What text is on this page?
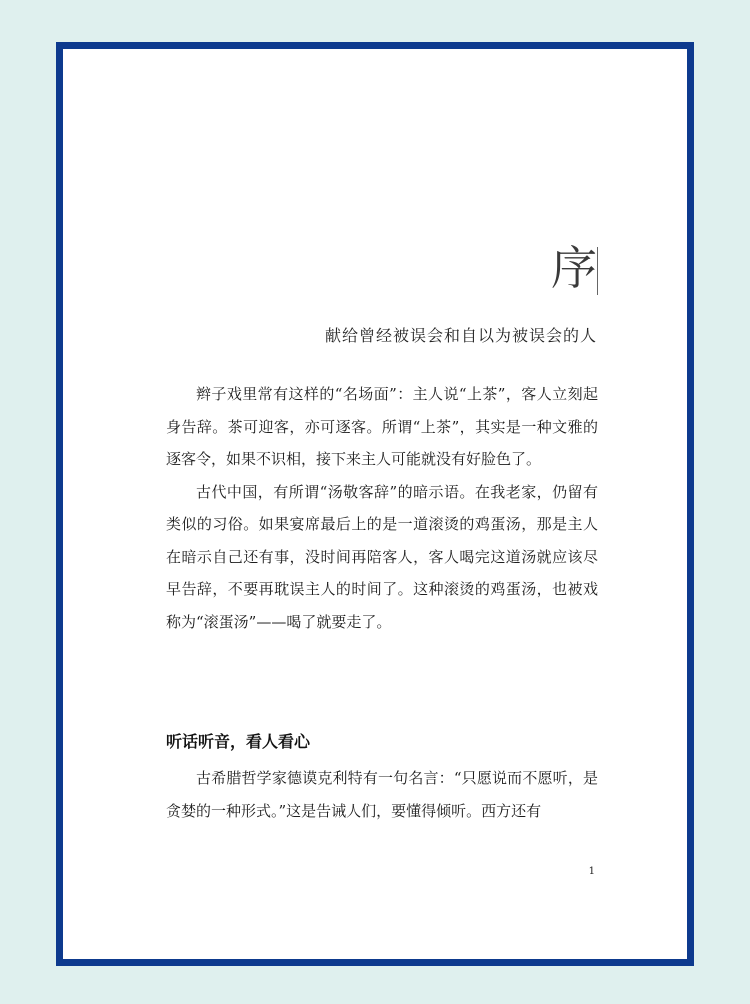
序
献给曾经被误会和自以为被误会的人

辫子戏里常有这样的“名场面”：主人说“上茶”，客人立刻起身告辞。茶可迎客，亦可逐客。所谓“上茶”，其实是一种文雅的逐客令，如果不识相，接下来主人可能就没有好脸色了。

古代中国，有所谓“汤敬客辞”的暗示语。在我老家，仍留有类似的习俗。如果宴席最后上的是一道滚烫的鸡蛋汤，那是主人在暗示自己还有事，没时间再陪客人，客人喝完这道汤就应该尽早告辞，不要再耽误主人的时间了。这种滚烫的鸡蛋汤，也被戏称为“滚蛋汤”——喝了就要走了。

听话听音，看人看心

古希腊哲学家德谟克利特有一句名言：“只愿说而不愿听，是贪婪的一种形式。”这是告诫人们，要懂得倾听。西方还有

1
